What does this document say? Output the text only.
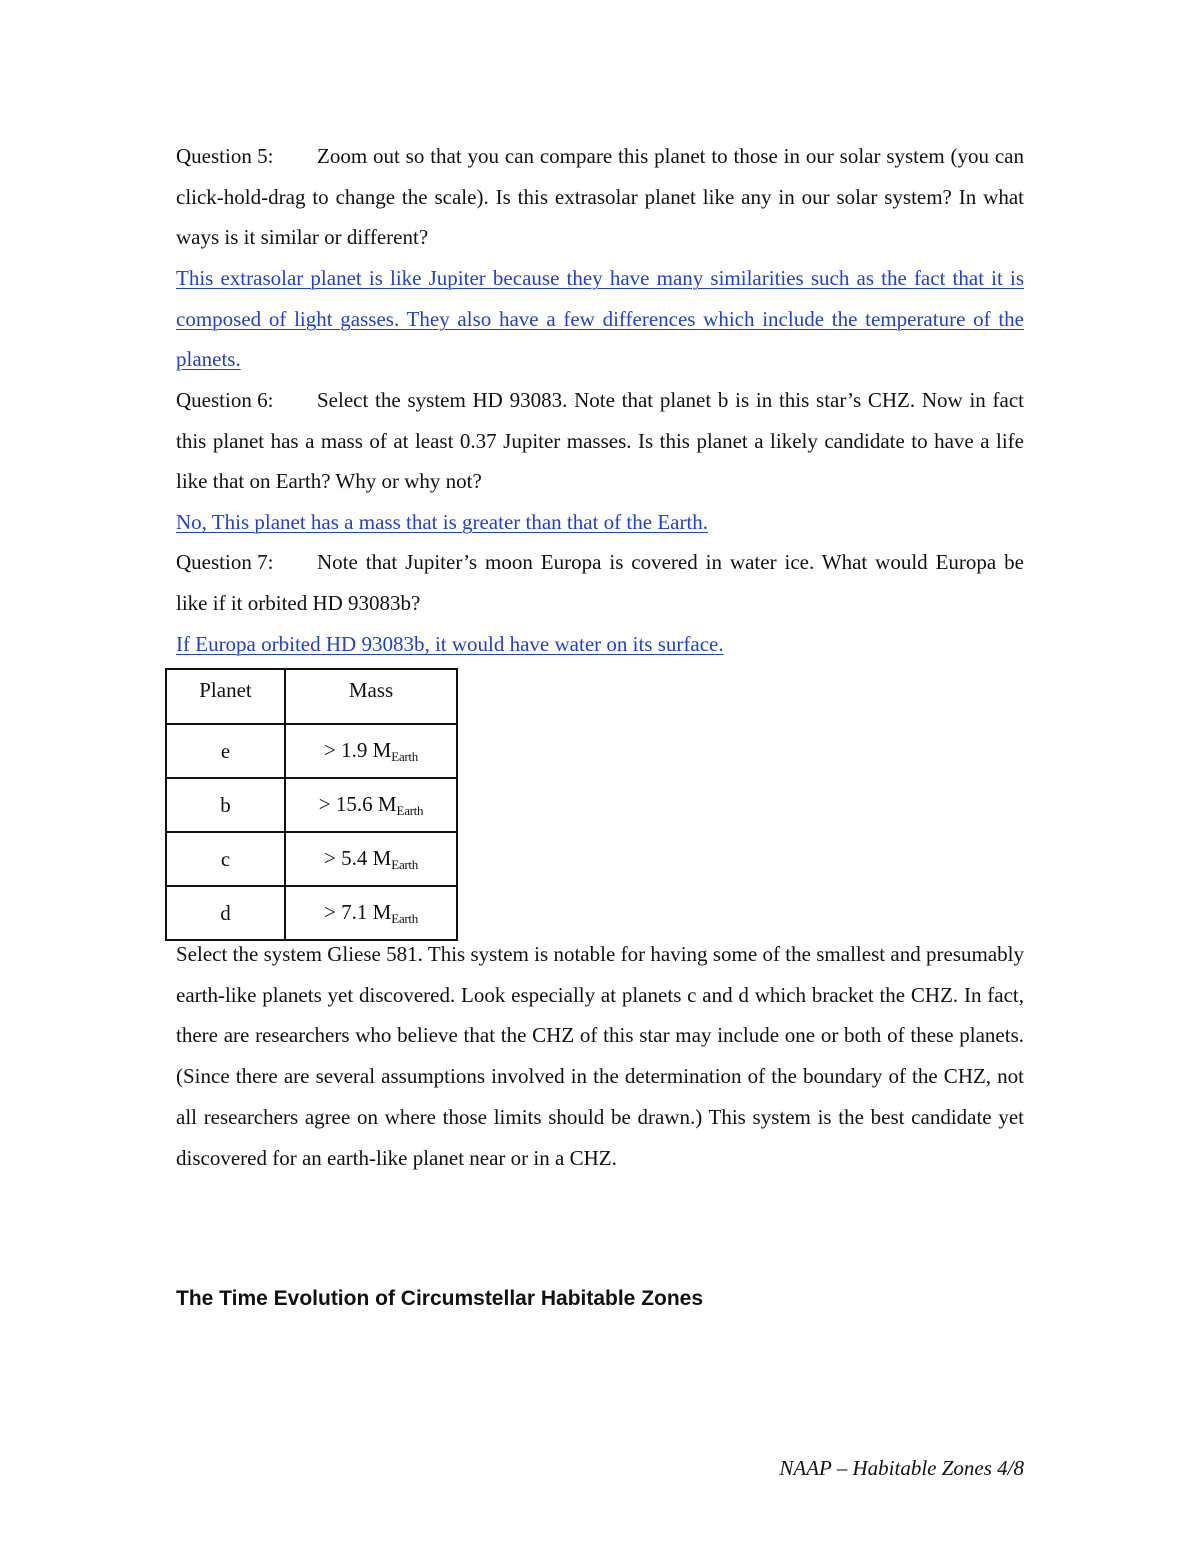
Question 5: Zoom out so that you can compare this planet to those in our solar system (you can click-hold-drag to change the scale). Is this extrasolar planet like any in our solar system? In what ways is it similar or different?

This extrasolar planet is like Jupiter because they have many similarities such as the fact that it is composed of light gasses. They also have a few differences which include the temperature of the planets.

Question 6: Select the system HD 93083. Note that planet b is in this star’s CHZ. Now in fact this planet has a mass of at least 0.37 Jupiter masses. Is this planet a likely candidate to have a life like that on Earth? Why or why not?

No, This planet has a mass that is greater than that of the Earth.

Question 7: Note that Jupiter’s moon Europa is covered in water ice. What would Europa be like if it orbited HD 93083b?

If Europa orbited HD 93083b, it would have water on its surface.

Select the system Gliese 581. This system is notable for having some of the smallest and presumably earth-like planets yet discovered. Look especially at planets c and d which bracket the CHZ. In fact, there are researchers who believe that the CHZ of this star may include one or both of these planets. (Since there are several assumptions involved in the determination of the boundary of the CHZ, not all researchers agree on where those limits should be drawn.) This system is the best candidate yet discovered for an earth-like planet near or in a CHZ.

Planet	Mass
e	> 1.9 $M_{Earth}$
b	> 15.6 $M_{Earth}$
c	> 5.4 $M_{Earth}$
d	> 7.1 $M_{Earth}$
The Time Evolution of Circumstellar Habitable Zones
NAAP – Habitable Zones 4/8
